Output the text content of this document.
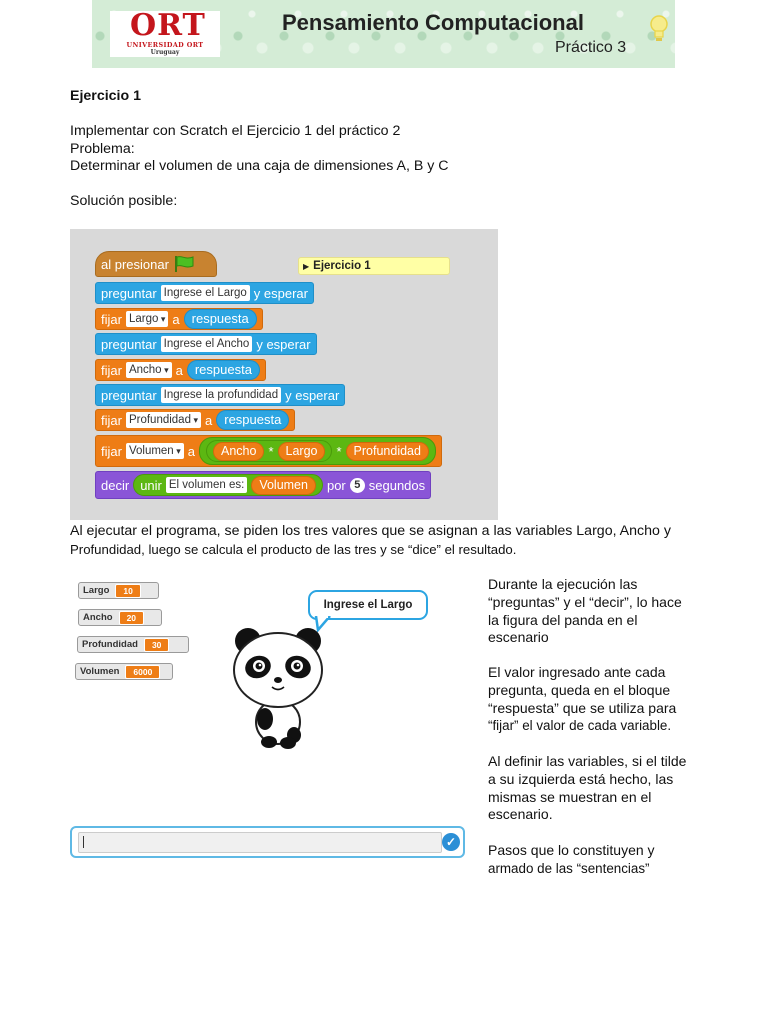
ORT
UNIVERSIDAD ORT
Uruguay
Pensamiento Computacional
Práctico 3
Ejercicio 1
Implementar con Scratch el Ejercicio 1 del práctico 2
Problema:
Determinar el volumen de una caja de dimensiones A, B y C
Solución posible:
al presionar	▶ Ejercicio 1
preguntar Ingrese el Largo y esperar
fijar Largo ▾	a respuesta
preguntar Ingrese el Ancho y esperar
fijar Ancho ▾	a respuesta
preguntar Ingrese la profundidad y esperar
fijar Profundidad ▾	a respuesta
fijar Volumen ▾	a	Ancho * Largo	* Profundidad
decir unir El volumen es:	Volumen	por 5 segundos
Al ejecutar el programa, se piden los tres valores que se asignan a las variables Largo, Ancho y
Profundidad, luego se calcula el producto de las tres y se “dice” el resultado.
Largo	10
Ancho	20
Profundidad	30
Volumen	6000
Ingrese el Largo
✓
Durante la ejecución las
“preguntas” y el “decir”, lo hace
la figura del panda en el
escenario
El valor ingresado ante cada
pregunta, queda en el bloque
“respuesta” que se utiliza para
“fijar” el valor de cada variable.
Al definir las variables, si el tilde
a su izquierda está hecho, las
mismas se muestran en el
escenario.
Pasos que lo constituyen y
armado de las “sentencias”
